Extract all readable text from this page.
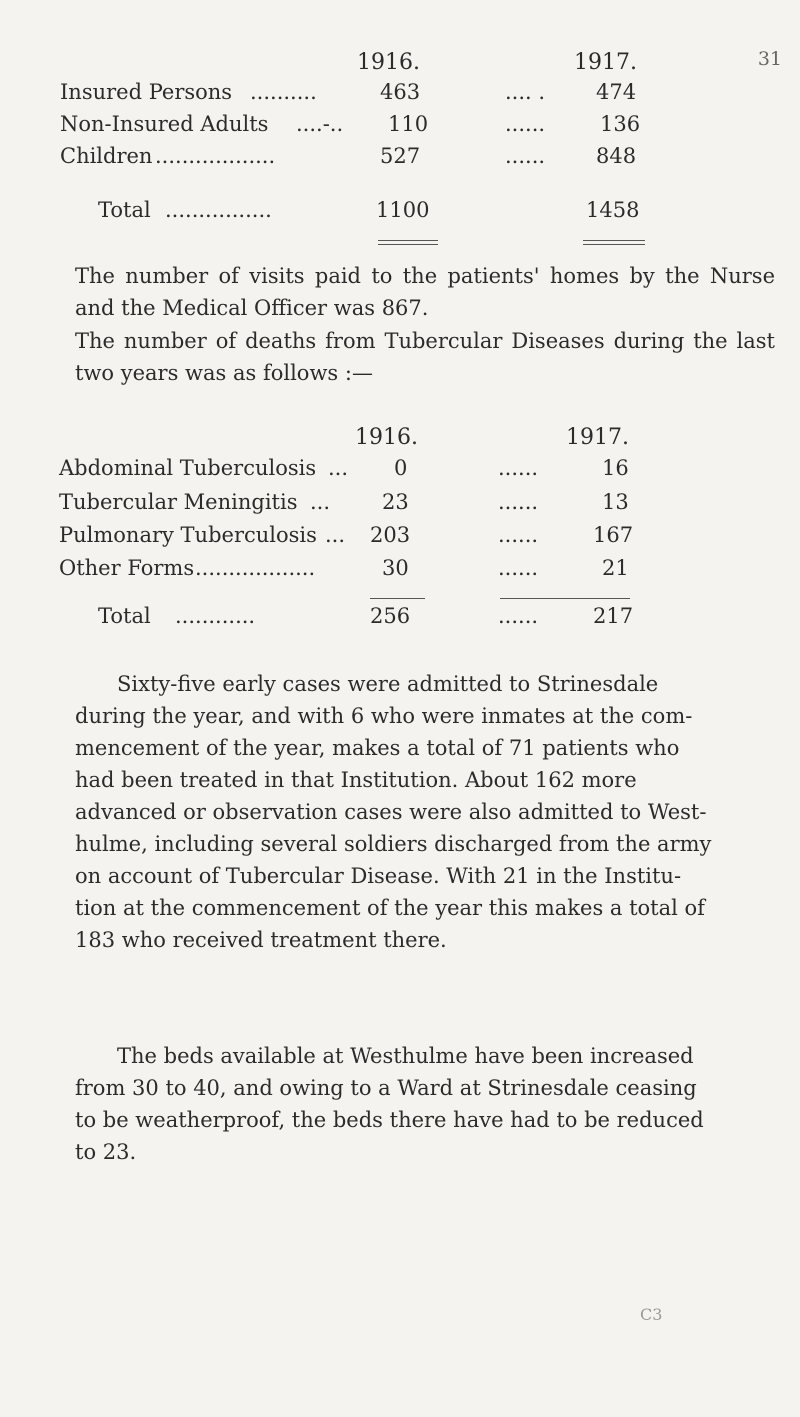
31
1916.	1917.
Insured Persons ..........	463	.... . 474
Non-Insured Adults ....-.. 110	......	136
Children ..................	527	...... 848
Total ................	1100	1458
The number of visits paid to the patients' homes by the Nurse and the Medical Officer was 867.
The number of deaths from Tubercular Diseases during the last two years was as follows :—
1916.	1917.
Abdominal Tuberculosis ... 0	......	16
Tubercular Meningitis ... 23	......	13
Pulmonary Tuberculosis ... 203	......	167
Other Forms ..................	30	......	21
Total ............	256	......	217
Sixty-five early cases were admitted to Strinesdale
during the year, and with 6 who were inmates at the com-
mencement of the year, makes a total of 71 patients who
had been treated in that Institution. About 162 more
advanced or observation cases were also admitted to West-
hulme, including several soldiers discharged from the army
on account of Tubercular Disease. With 21 in the Institu-
tion at the commencement of the year this makes a total of
183 who received treatment there.
The beds available at Westhulme have been increased
from 30 to 40, and owing to a Ward at Strinesdale ceasing
to be weatherproof, the beds there have had to be reduced
to 23.
C3
